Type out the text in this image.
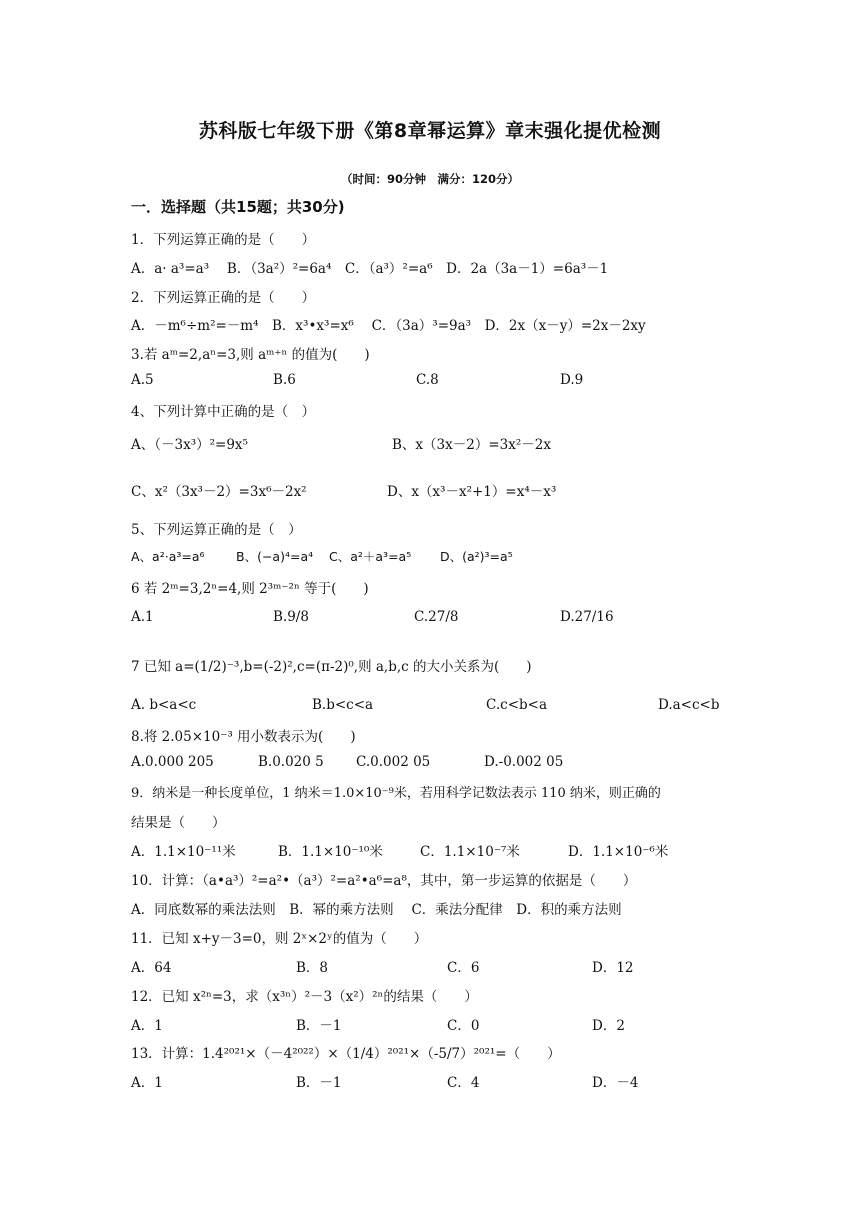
苏科版七年级下册《第8章幂运算》章末强化提优检测
（时间：90分钟　满分：120分）
一．选择题（共15题；共30分)
1．下列运算正确的是（　　）
A．a· a³=a³　 B．（3a²）²=6a⁴　C．（a³）²=a⁶　D．2a（3a－1）=6a³－1
2．下列运算正确的是（　　）
A．－m⁶÷m²=－m⁴　B．x³•x³=x⁶　 C．（3a）³=9a³　D．2x（x－y）=2x－2xy
3.若 aᵐ=2,aⁿ=3,则 aᵐ⁺ⁿ 的值为(　　)
A.5	B.6	C.8	D.9
4、下列计算中正确的是（　）
A、（－3x³）²=9x⁵	B、x（3x－2）=3x²－2x
C、x²（3x³－2）=3x⁶－2x²	D、x（x³－x²+1）=x⁴－x³
5、下列运算正确的是（　）
A、a²·a³=a⁶	B、(−a)⁴=a⁴ C、a²＋a³=a⁵ D、(a²)³=a⁵
6 若 2ᵐ=3,2ⁿ=4,则 2³ᵐ⁻²ⁿ 等于(　　)
A.1	B.9/8	C.27/8	D.27/16
7 已知 a=(1/2)⁻³,b=(-2)²,c=(π-2)⁰,则 a,b,c 的大小关系为(　　)
A. b<a<c	B.b<c<a	C.c<b<a	D.a<c<b
8.将 2.05×10⁻³ 用小数表示为(　　)
A.0.000 205	B.0.020 5 C.0.002 05	D.-0.002 05
9．纳米是一种长度单位，1 纳米＝1.0×10⁻⁹米，若用科学记数法表示 110 纳米，则正确的
结果是（　　）
A．1.1×10⁻¹¹米	B．1.1×10⁻¹⁰米	C．1.1×10⁻⁷米	D．1.1×10⁻⁶米
10．计算：（a•a³）²=a²•（a³）²=a²•a⁶=a⁸，其中，第一步运算的依据是（　　）
A．同底数幂的乘法法则　B．幂的乘方法则　 C．乘法分配律　D．积的乘方法则
11．已知 x+y－3=0，则 2ˣ×2ʸ的值为（　　）
A．64	B．8	C．6	D．12
12．已知 x²ⁿ=3，求（x³ⁿ）²－3（x²）²ⁿ的结果（　　）
A．1	B．－1	C．0	D．2
13．计算：1.4²⁰²¹×（－4²⁰²²）×（1/4）²⁰²¹×（-5/7）²⁰²¹=（　　）
A．1	B．－1	C．4	D．－4
